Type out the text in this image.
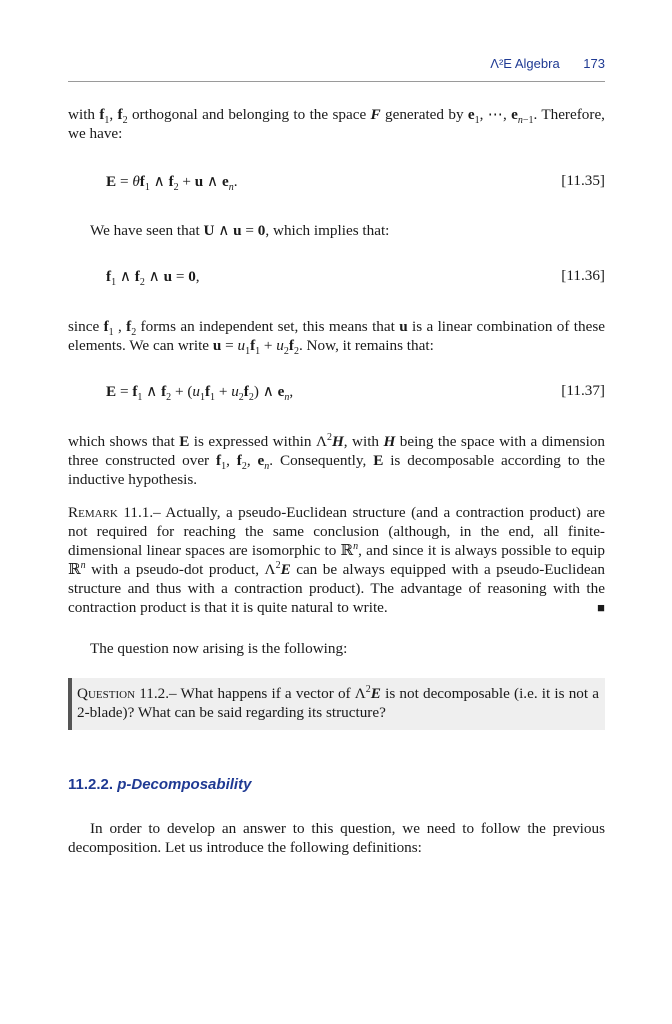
Λ²E Algebra 173

with $f_1$, $f_2$ orthogonal and belonging to the space F generated by $e_1$, ⋯, $e_{n-1}$. Therefore, we have:

$E = \theta f_1$ ∧ $f_2 + u$ ∧ $e_n$.	[11.35]

We have seen that U ∧ u = 0, which implies that:

$f_1$ ∧ $f_2$ ∧ u = 0,	[11.36]

since $f_1$ , $f_2$ forms an independent set, this means that u is a linear combination of these elements. We can write $u = u_1f_1 + u_2f_2$. Now, it remains that:

$E = f_1$ ∧ $f_2 + (u_1f_1 + u_2f_2)$ ∧ $e_n$,	[11.37]

which shows that E is expressed within $\Lambda^2H$, with H being the space with a dimension three constructed over $f_1$, $f_2$, $e_n$. Consequently, E is decomposable according to the inductive hypothesis.

Remark 11.1.– Actually, a pseudo-Euclidean structure (and a contraction product) are not required for reaching the same conclusion (although, in the end, all finite-dimensional linear spaces are isomorphic to ℝ$^n$, and since it is always possible to equip ℝ$^n$ with a pseudo-dot product, $\Lambda^2E$ can be always equipped with a pseudo-Euclidean structure and thus with a contraction product). The advantage of reasoning with the contraction product is that it is quite natural to write.	■

The question now arising is the following:

Question 11.2.– What happens if a vector of $\Lambda^2E$ is not decomposable (i.e. it is not a 2-blade)? What can be said regarding its structure?

11.2.2. p-Decomposability

In order to develop an answer to this question, we need to follow the previous decomposition. Let us introduce the following definitions:
